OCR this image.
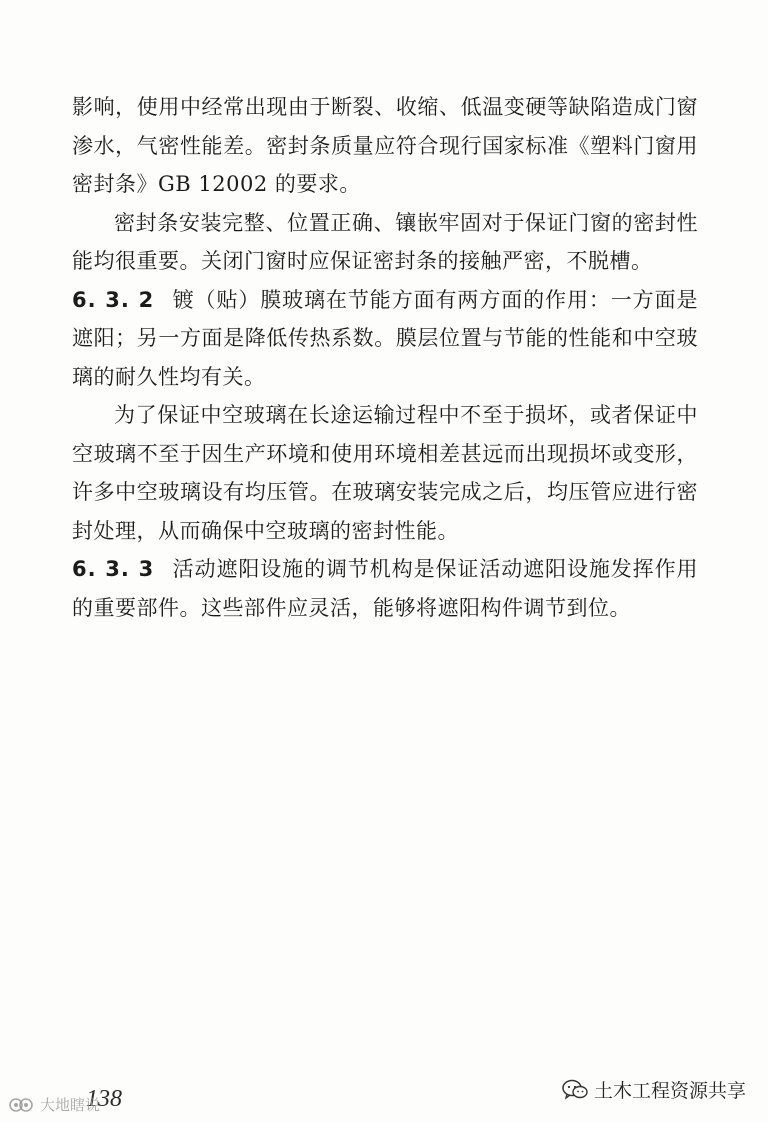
影响，使用中经常出现由于断裂、收缩、低温变硬等缺陷造成门窗渗水，气密性能差。密封条质量应符合现行国家标准《塑料门窗用密封条》GB 12002 的要求。

密封条安装完整、位置正确、镶嵌牢固对于保证门窗的密封性能均很重要。关闭门窗时应保证密封条的接触严密，不脱槽。

6. 3. 2 镀（贴）膜玻璃在节能方面有两方面的作用：一方面是遮阳；另一方面是降低传热系数。膜层位置与节能的性能和中空玻璃的耐久性均有关。

为了保证中空玻璃在长途运输过程中不至于损坏，或者保证中空玻璃不至于因生产环境和使用环境相差甚远而出现损坏或变形，许多中空玻璃设有均压管。在玻璃安装完成之后，均压管应进行密封处理，从而确保中空玻璃的密封性能。

6. 3. 3 活动遮阳设施的调节机构是保证活动遮阳设施发挥作用的重要部件。这些部件应灵活，能够将遮阳构件调节到位。

138
大地瞎说
土木工程资源共享
